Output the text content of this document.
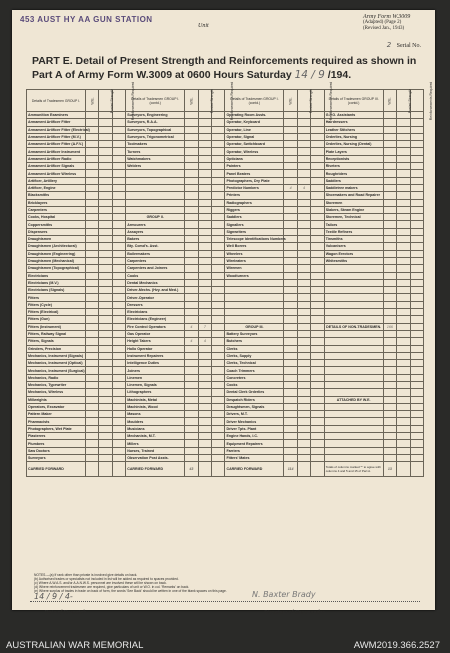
453 AUST HY AA GUN STATION
Unit
Army Form W.3009
(Adapted) (Page 2)
(Revised Jan., 1943)
2 Serial No.
PART E. Detail of Present Strength and Reinforcements required as shown in
Part A of Army Form W.3009 at 0600 Hours Saturday 14 / 9 /194.
Details of Tradesmen GROUP I.	W.E.	Posted Strength	Reinforcements Required	Details of Tradesmen GROUP I. (contd.)	W.E.	Posted Strength	Reinforcements Required	Details of Tradesmen GROUP I. (contd.)	W.E.	Posted Strength	Reinforcements Required	Details of Tradesmen GROUP III. (contd.)	W.E.	Posted Strength	Reinforcements Required
Ammunition Examiners				Surveyors, Engineering				Operating Room Assts.				G.P.O. Assistants			
Armament Artificer Fitter				Surveyors, R.A.A.				Operator, Keyboard				Hairdressers			
Armament Artificer Fitter (Electrical)				Surveyors, Topographical				Operator, Line				Leather Stitchers			
Armament Artificer Fitter (M.V.)				Surveyors, Trigonometrical				Operator, Signal				Orderlies, Nursing			
Armament Artificer Fitter (A.F.V.)				Toolmakers				Operator, Switchboard				Orderlies, Nursing (Dental)			
Armament Artificer Instrument				Turners				Operator, Wireless				Plate Layers			
Armament Artificer Radio				Watchmakers				Opticians				Receptionists			
Armament Artificer Signals				Welders				Painters				Riveters			
Armament Artificer Wireless								Panel Beaters				Roughriders			
Artificer, Artillery								Photographers, Dry Plate				Saddlers			
Artificer, Engine								Predictor Numbers	4	4		Saddletree makers			
Blacksmiths								Printers				Shoemakers and Road Repairer			
Bricklayers								Radiographers				Storemen			
Carpenters								Riggers				Slakers, Steam Engine			
Cooks, Hospital				GROUP II.				Saddlers				Storemen, Technical			
Coppersmiths				Armourers				Signallers				Tailors			
Dispensers				Assayers				Signwriters				Textile Refiners			
Draughtsmen				Bakers				Telescope Identifications Numbers				Tinsmiths			
Draughtsmen (Architectural)				Bty. Comd's. Asst.				Well Borers				Vulcanisers			
Draughtsmen (Engineering)				Boilermakers				Wheelers				Wagon Erectors			
Draughtsmen (Mechanical)				Carpenters				Wireleaters				Whitesmiths			
Draughtsmen (Topographical)				Carpenters and Joiners				Wiremen							
Electricians				Cooks				Woodturners							
Electricians (M.V.)				Dental Mechanics											
Electricians (Signals)				Driver-Mechs. (Hvy. and Med.)											
Fitters				Driver-Operator											
Fitters (Cycle)				Dressers											
Fitters (Electrical)				Electricians											
Fitters (Gun)				Electricians (Engineer)											
Fitters (Instrument)				Fire Control Operators	4	7		GROUP III.				DETAILS OF NON-TRADESMEN.	166		
Fitters, Railway Signal				Gas Operator				Battery Surveyors							
Fitters, Signals				Height Takers	4	4		Butchers							
Grinders, Precision				Hollo Operator				Clerks							
Mechanics, Instrument (Signals)				Instrument Repairers				Clerks, Supply							
Mechanics, Instrument (Optical)				Intelligence Duties				Clerks, Technical							
Mechanics, Instrument (Surgical)				Joiners				Coach Trimmers							
Mechanics, Radio				Linemen				Concreters							
Mechanics, Typewriter				Linemen, Signals				Cooks							
Mechanics, Wireless				Lithographers				Dental Clerk Orderlies							
Millwrights				Machinists, Metal				Despatch Riders				ATTACHED BY W.E.			
Operators, Excavator				Machinists, Wood				Draughtsmen, Signals							
Pattern Maker				Masons				Drivers, M.T.							
Pharmacists				Moulders				Driver Mechanics							
Photographers, Wet Plate				Musicians				Driver Tpts. Plant							
Plasterers				Mechanists, M.T.				Engine Hands, I.C.							
Plumbers				Millers				Equipment Repairers							
Saw Doctors				Nurses, Trained				Farriers							
Surveyors				Observation Post Assts.				Fitters' Mates							
CARRIED FORWARD				CARRIED FORWARD	43			CARRIED FORWARD	114			Totals of columns marked '*' to agree with columns 4 and 5 and 15 of Part A.	13		
NOTES.—(a) If rank other than private is involved give details on back.
(b) Authorised trades or specialists not included in list will be added as required to spaces provided.
(c) Where A.W.A.S. and/or A.A.N.W.S. personnel are involved these will be shown on back.
(d) Where reinforcement tradesmen are required, give particulars of unit or W.O. in col. 'Remarks' on back.
(e) Where surplus of trades in trade on back of form, the words 'See Back' should be written in one of the blank spaces on this page.
14 / 9 / 4-	N. Baxter Brady
Date of Despatch	Signature of Commander
AUSTRALIAN WAR MEMORIAL	AWM2019.366.2527
